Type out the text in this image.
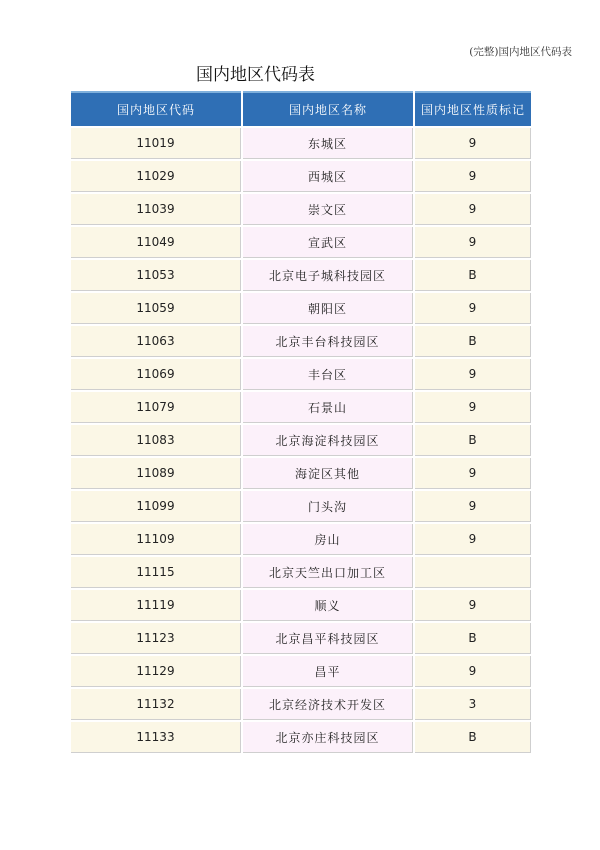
(完整)国内地区代码表
国内地区代码表
国内地区代码	国内地区名称	国内地区性质标记
11019	东城区	9
11029	西城区	9
11039	崇文区	9
11049	宣武区	9
11053	北京电子城科技园区	B
11059	朝阳区	9
11063	北京丰台科技园区	B
11069	丰台区	9
11079	石景山	9
11083	北京海淀科技园区	B
11089	海淀区其他	9
11099	门头沟	9
11109	房山	9
11115	北京天竺出口加工区	
11119	顺义	9
11123	北京昌平科技园区	B
11129	昌平	9
11132	北京经济技术开发区	3
11133	北京亦庄科技园区	B
